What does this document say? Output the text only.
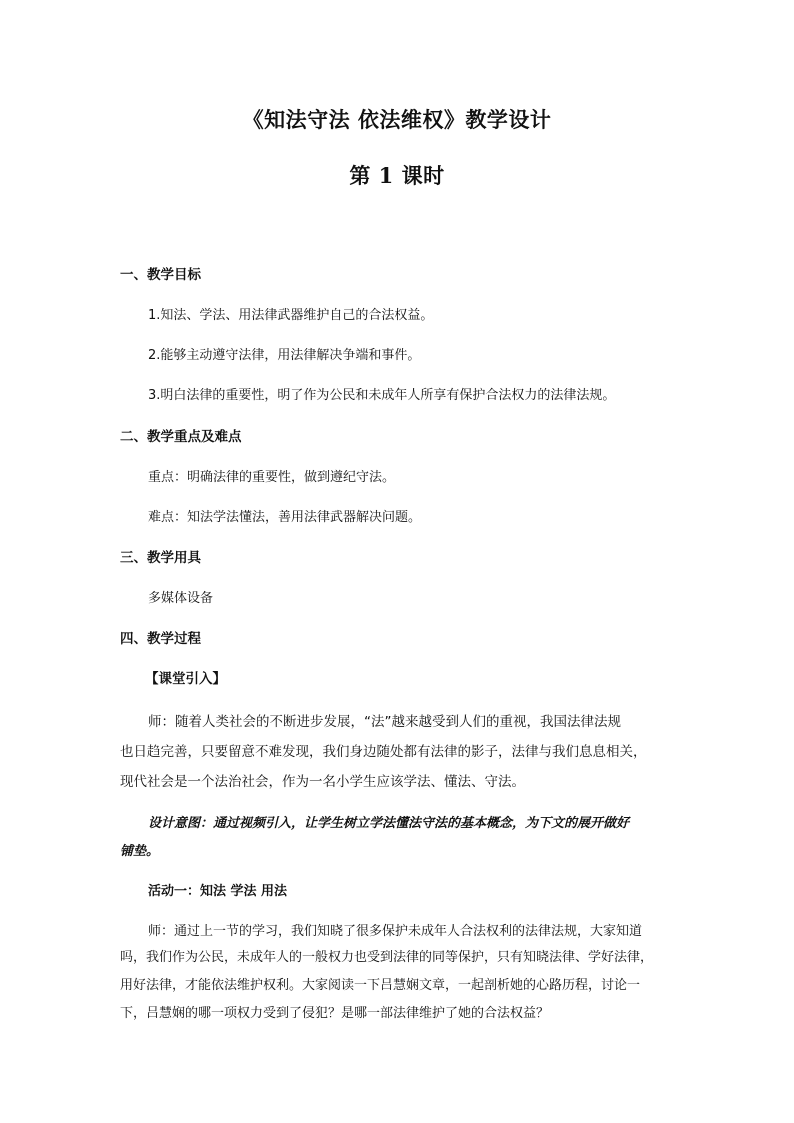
《知法守法 依法维权》教学设计
第 1 课时
一、教学目标
1.知法、学法、用法律武器维护自己的合法权益。
2.能够主动遵守法律，用法律解决争端和事件。
3.明白法律的重要性，明了作为公民和未成年人所享有保护合法权力的法律法规。
二、教学重点及难点
重点：明确法律的重要性，做到遵纪守法。
难点：知法学法懂法，善用法律武器解决问题。
三、教学用具
多媒体设备
四、教学过程
【课堂引入】
师：随着人类社会的不断进步发展，“法”越来越受到人们的重视，我国法律法规
也日趋完善，只要留意不难发现，我们身边随处都有法律的影子，法律与我们息息相关，
现代社会是一个法治社会，作为一名小学生应该学法、懂法、守法。
设计意图：通过视频引入，让学生树立学法懂法守法的基本概念，为下文的展开做好
铺垫。
活动一：知法 学法 用法
师：通过上一节的学习，我们知晓了很多保护未成年人合法权利的法律法规，大家知道
吗，我们作为公民，未成年人的一般权力也受到法律的同等保护，只有知晓法律、学好法律，
用好法律，才能依法维护权利。大家阅读一下吕慧娴文章，一起剖析她的心路历程，讨论一
下，吕慧娴的哪一项权力受到了侵犯？是哪一部法律维护了她的合法权益？
